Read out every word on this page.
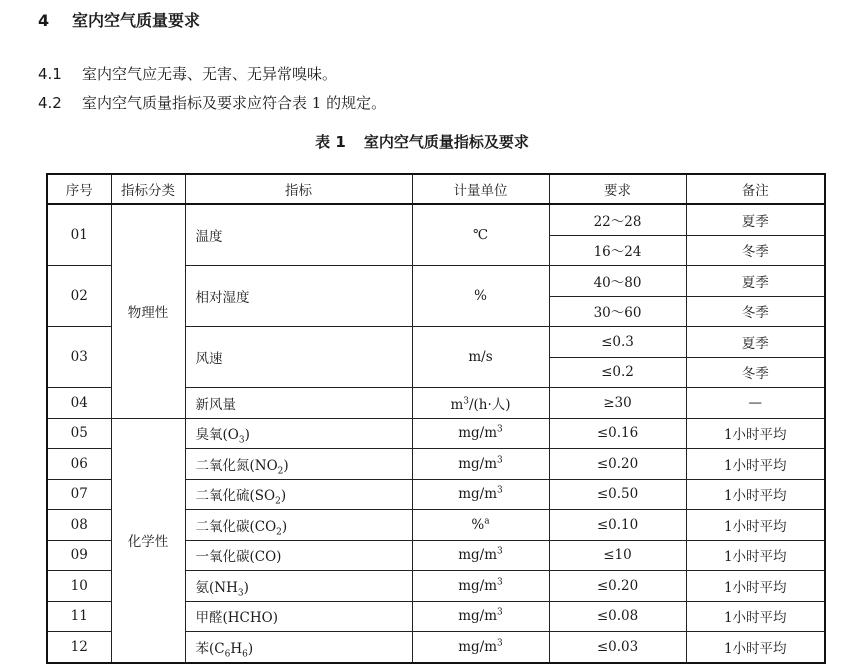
4 室内空气质量要求
4.1 室内空气应无毒、无害、无异常嗅味。
4.2 室内空气质量指标及要求应符合表 1 的规定。
表 1 室内空气质量指标及要求
序号	指标分类	指标	计量单位	要求	备注
01	物理性	温度	℃	22～28	夏季
				16～24	冬季
02		相对湿度	%	40～80	夏季
				30～60	冬季
03		风速	m/s	≤0.3	夏季
				≤0.2	冬季
04		新风量	$m^3/(h\cdot$人)	≥30	—
05	化学性	臭氧$(O_3)$	$mg/m^3$	≤0.16	1小时平均
06		二氧化氮$(NO_2)$	$mg/m^3$	≤0.20	1小时平均
07		二氧化硫$(SO_2)$	$mg/m^3$	≤0.50	1小时平均
08		二氧化碳$(CO_2)$	%$^a$	≤0.10	1小时平均
09		一氧化碳(CO)	$mg/m^3$	≤10	1小时平均
10		氨$(NH_3)$	$mg/m^3$	≤0.20	1小时平均
11		甲醛(HCHO)	$mg/m^3$	≤0.08	1小时平均
12		苯$(C_6H_6)$	$mg/m^3$	≤0.03	1小时平均
